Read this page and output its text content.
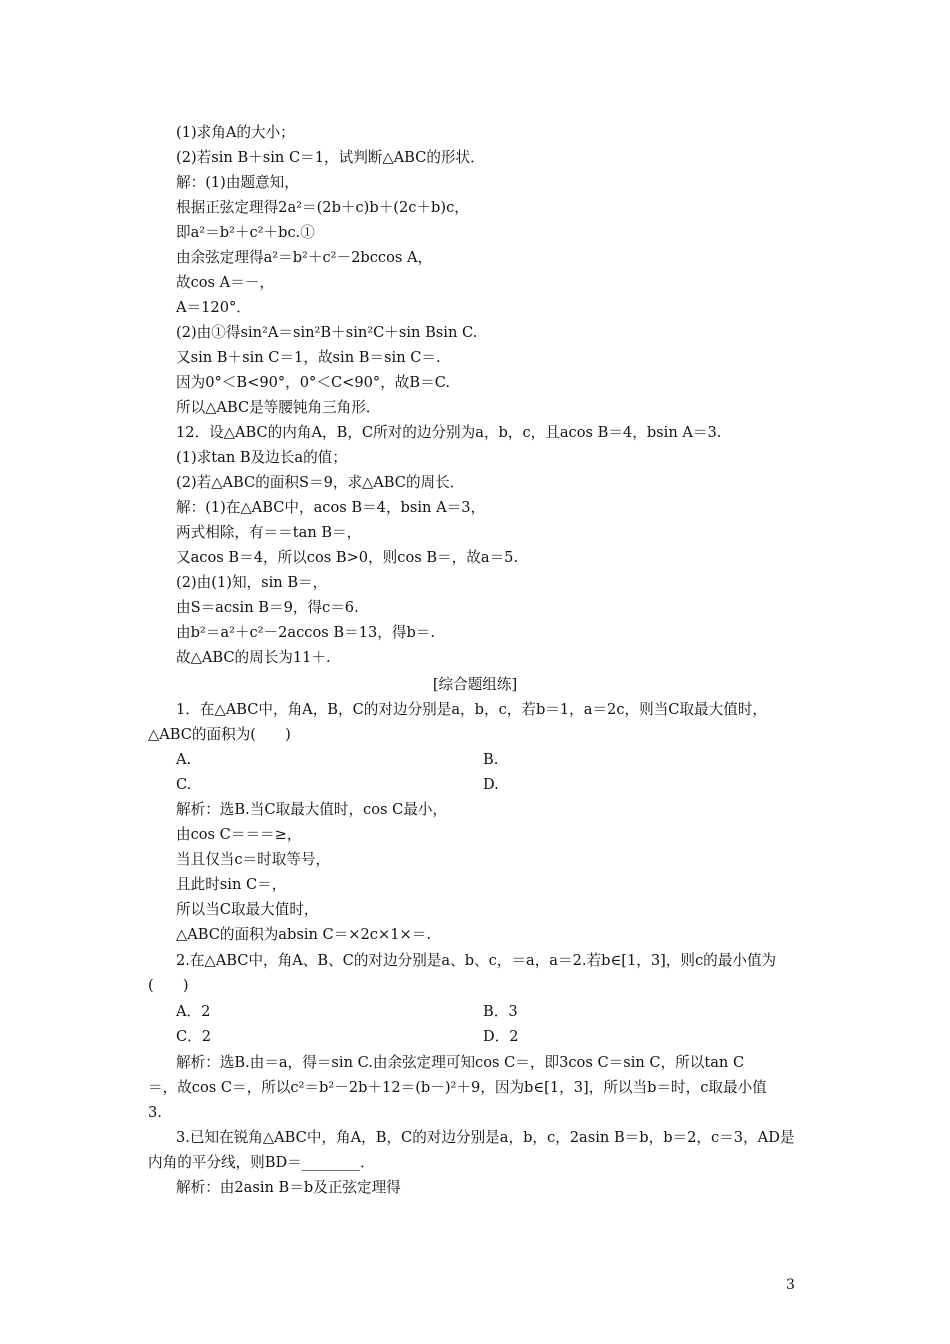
(1)求角A的大小；
(2)若sin B＋sin C＝1，试判断△ABC的形状．
解：(1)由题意知，
根据正弦定理得2a²＝(2b＋c)b＋(2c＋b)c，
即a²＝b²＋c²＋bc.①
由余弦定理得a²＝b²＋c²－2bccos A，
故cos A＝－，
A＝120°．
(2)由①得sin²A＝sin²B＋sin²C＋sin Bsin C.
又sin B＋sin C＝1，故sin B＝sin C＝.
因为0°＜B<90°，0°＜C<90°，故B＝C.
所以△ABC是等腰钝角三角形．
12．设△ABC的内角A，B，C所对的边分别为a，b，c，且acos B＝4，bsin A＝3.
(1)求tan B及边长a的值；
(2)若△ABC的面积S＝9，求△ABC的周长．
解：(1)在△ABC中，acos B＝4，bsin A＝3，
两式相除，有＝＝tan B＝，
又acos B＝4，所以cos B>0，则cos B＝，故a＝5.
(2)由(1)知，sin B＝，
由S＝acsin B＝9，得c＝6.
由b²＝a²＋c²－2accos B＝13，得b＝.
故△ABC的周长为11＋.
[综合题组练]
1．在△ABC中，角A，B，C的对边分别是a，b，c，若b＝1，a＝2c，则当C取最大值时，
△ABC的面积为(　　)
A.	B.
C.	D.
解析：选B.当C取最大值时，cos C最小，
由cos C＝＝＝≥，
当且仅当c＝时取等号，
且此时sin C＝，
所以当C取最大值时，
△ABC的面积为absin C＝×2c×1×＝.
2.在△ABC中，角A、B、C的对边分别是a、b、c，＝a，a＝2.若b∈[1，3]，则c的最小值为
(　　)
A．2	B．3
C．2	D．2
解析：选B.由＝a，得＝sin C.由余弦定理可知cos C＝，即3cos C＝sin C，所以tan C
＝，故cos C＝，所以c²＝b²－2b＋12＝(b－)²＋9，因为b∈[1，3]，所以当b＝时，c取最小值
3.
3.已知在锐角△ABC中，角A，B，C的对边分别是a，b，c，2asin B＝b，b＝2，c＝3，AD是
内角的平分线，则BD＝________．
解析：由2asin B＝b及正弦定理得
3
